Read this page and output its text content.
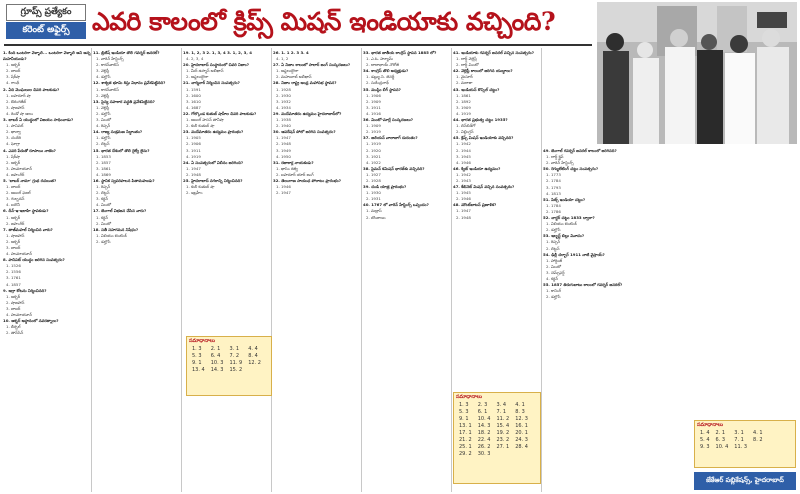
గ్రూప్స్ ప్రత్యేకం
కరెంట్ అఫైర్స్ ఎవరి కాలంలో క్రిప్స్ మిషన్ ఇండియాకు వచ్చింది?

1. కింది ఒంటరిగా వెళ్ళాలి... ఒంటరిగా వెళ్ళాలి అని అన్న మహనీయుడు?

1. అక్బర్

2. బాబర్

3. షేర్‌షా

4. గాంధీ

2. ఏది మొఘలుల చివరి పాలకుడు?

1. బహదూర్ షా

2. ఔరంగజేబ్

3. షాజహాన్

4. రెండో షా ఆలం

3. బాబర్ ఏ యుద్ధంలో విజయం సాధించాడు?

1. పానిపట్

2. ఖాన్వా

3. చందేరి

4. ఘోగ్రా

4. ఎవరి పేరుతో రూపాయి నాణెం?

1. షేర్‌షా

2. అక్బర్

3. హుమాయూన్

4. జహంగీర్

5. 'బాబర్ నామా' గ్రంథ రచయిత?

1. బాబర్

2. అబుల్ ఫజల్

3. గుల్బదన్

4. బదౌనీ

6. దీన్-ఇ-ఇలాహి స్థాపకుడు?

1. అక్బర్

2. జహంగీర్

7. తాజ్‌మహల్ నిర్మించిన వారు?

1. షాజహాన్

2. అక్బర్

3. బాబర్

4. హుమాయూన్

8. పానిపట్ యుద్ధం జరిగిన సంవత్సరం?

1. 1526

2. 1556

3. 1761

4. 1857

9. ఆగ్రా కోటను నిర్మించినది?

1. అక్బర్

2. షాజహాన్

3. బాబర్

4. హుమాయూన్

10. అక్బర్ ఆస్థానంలో నవరత్నాలు?

1. బీర్బల్

2. తాన్‌సేన్

11. బ్రిటిష్ ఇండియా తొలి గవర్నర్ జనరల్?

1. వారెన్ హేస్టింగ్స్

2. కారన్‌వాలిస్

3. వెల్లెస్లీ

4. డల్హౌసీ

12. శాశ్వత భూమి శిస్తు విధానం ప్రవేశపెట్టినది?

1. కారన్‌వాలిస్

2. వెల్లెస్లీ

13. సైన్య సహకార పద్ధతి ప్రవేశపెట్టినది?

1. వెల్లెస్లీ

2. డల్హౌసీ

3. మింటో

4. రిప్పన్

14. రాజ్య సంక్రమణ సిద్ధాంతం?

1. డల్హౌసీ

2. లిట్టన్

15. భారత దేశంలో తొలి రైల్వే లైను?

1. 1853

2. 1857

3. 1861

4. 1869

16. స్థానిక స్వపరిపాలన పితామహుడు?

1. రిప్పన్

2. లిట్టన్

3. కర్జన్

4. మింటో

17. బెంగాల్ విభజన చేసిన వారు?

1. కర్జన్

2. మింటో

18. సతీ సహగమన నిషేధం?

1. విలియం బెంటింక్

2. డల్హౌసీ

19. 1, 2, 3 2. 1, 3, 4 3. 1, 2, 3, 4

4. 2, 3, 4

20. హైదరాబాద్ సంస్థానంలో చివరి నిజాం?

1. మీర్ ఉస్మాన్ అలీఖాన్

2. అఫ్జలుద్దౌలా

21. చార్మినార్ నిర్మించిన సంవత్సరం?

1. 1591

2. 1600

3. 1610

4. 1687

22. గోల్కొండ కుతుబ్ షాహీల చివరి పాలకుడు?

1. అబుల్ హసన్ తానీషా

2. కులీ కుతుబ్ షా

23. వందేమాతరం ఉద్యమం ప్రారంభం?

1. 1905

2. 1906

3. 1911

4. 1919

24. ఏ సంవత్సరంలో విలీనం జరిగింది?

1. 1947

2. 1948

25. హైదరాబాద్ నగరాన్ని నిర్మించినది?

1. కులీ కుతుబ్ షా

2. ఇబ్రహీం

26. 1. 1 2. 3 3. 4

4. 1, 2

27. ఏ నిజాం కాలంలో సాలార్ జంగ్ సంస్కరణలు?

1. అఫ్జలుద్దౌలా

2. మహబూబ్ అలీఖాన్

28. నిజాం రాష్ట్ర ఆంధ్ర మహాసభ స్థాపన?

1. 1928

2. 1930

3. 1932

4. 1934

29. వందేమాతరం ఉద్యమం హైదరాబాద్‌లో?

1. 1938

2. 1940

30. ఆపరేషన్ పోలో జరిగిన సంవత్సరం?

1. 1947

2. 1948

3. 1949

4. 1950

31. రజాకార్ల నాయకుడు?

1. ఖాసిం రజ్వీ

2. బహదూర్ యార్ జంగ్

32. తెలంగాణ సాయుధ పోరాటం ప్రారంభం?

1. 1946

2. 1947

33. భారత జాతీయ కాంగ్రెస్ స్థాపన 1885 లో?

1. ఎ.ఓ. హ్యూమ్

2. దాదాభాయ్ నౌరోజీ

34. కాంగ్రెస్ తొలి అధ్యక్షుడు?

1. డబ్ల్యు.సి. బెనర్జీ

2. సురేంద్రనాథ్

35. ముస్లిం లీగ్ స్థాపన?

1. 1906

2. 1909

3. 1911

4. 1916

36. మింటో-మార్లే సంస్కరణలు?

1. 1909

2. 1919

37. జలియన్ వాలాబాగ్ దురంతం?

1. 1919

2. 1920

3. 1921

4. 1922

38. సైమన్ కమిషన్ భారత్‌కు వచ్చినది?

1. 1927

2. 1928

39. దండి యాత్ర ప్రారంభం?

1. 1930

2. 1931

40. 1767 లో వారెన్ హేస్టింగ్స్ ఒప్పందం?

1. మద్రాస్

2. బొంబాయి

41. ఇండియాకు గవర్నర్ జనరల్ వచ్చిన సంవత్సరం?

1. లార్డ్ వెల్లెస్లీ

2. లార్డ్ మింటో

42. వెల్లెస్లీ కాలంలో జరిగిన యుద్ధాలు?

1. మైసూర్

2. మరాఠా

43. ఇండియన్ కౌన్సిల్ చట్టం?

1. 1861

2. 1892

3. 1909

4. 1919

44. భారత ప్రభుత్వ చట్టం 1935?

1. లిన్‌లిత్‌గో

2. విల్లింగ్డన్

45. క్రిప్స్ మిషన్ ఇండియాకు వచ్చినది?

1. 1942

2. 1944

3. 1945

4. 1946

46. క్విట్ ఇండియా ఉద్యమం?

1. 1942

2. 1943

47. కేబినెట్ మిషన్ వచ్చిన సంవత్సరం?

1. 1945

2. 1946

48. మౌంట్‌బాటన్ ప్రణాళిక?

1. 1947

2. 1948

49. బెంగాల్ గవర్నర్ జనరల్ కాలంలో జరిగినది?

1. లార్డ్ క్లైవ్

2. వారెన్ హేస్టింగ్స్

50. రెగ్యులేటింగ్ చట్టం సంవత్సరం?

1. 1773

2. 1784

3. 1793

4. 1813

51. పిట్స్ ఇండియా చట్టం?

1. 1784

2. 1786

52. చార్టర్ చట్టం 1833 ద్వారా?

1. విలియం బెంటింక్

2. డల్హౌసీ

53. ఇల్బర్ట్ బిల్లు వివాదం?

1. రిప్పన్

2. లిట్టన్

54. ఢిల్లీ దర్బార్ 1911 నాటి వైస్రాయ్?

1. హార్డింజ్

2. మింటో

3. చెమ్స్‌ఫర్డ్

4. కర్జన్

55. 1857 తిరుగుబాటు కాలంలో గవర్నర్ జనరల్?

1. కానింగ్

2. డల్హౌసీ

సమాధానాలు
1. 3	2. 1	3. 1	4. 4
5. 3	6. 4	7. 2	8. 4
9. 1	10. 3	11. 9	12. 2
13. 4	14. 3	15. 2	
సమాధానాలు
1. 3	2. 3	3. 4	4. 1
5. 3	6. 1	7. 1	8. 3
9. 1	10. 4	11. 2	12. 3
13. 1	14. 3	15. 4	16. 1
17. 1	18. 2	19. 2	20. 1
21. 2	22. 4	23. 2	24. 3
25. 1	26. 2	27. 1	28. 4
29. 2	30. 3		
సమాధానాలు
1. 4	2. 1	3. 1	4. 1
5. 4	6. 3	7. 1	8. 2
9. 3	10. 4	11. 3	
జేకేఆర్ పబ్లికేషన్స్, హైదరాబాద్
